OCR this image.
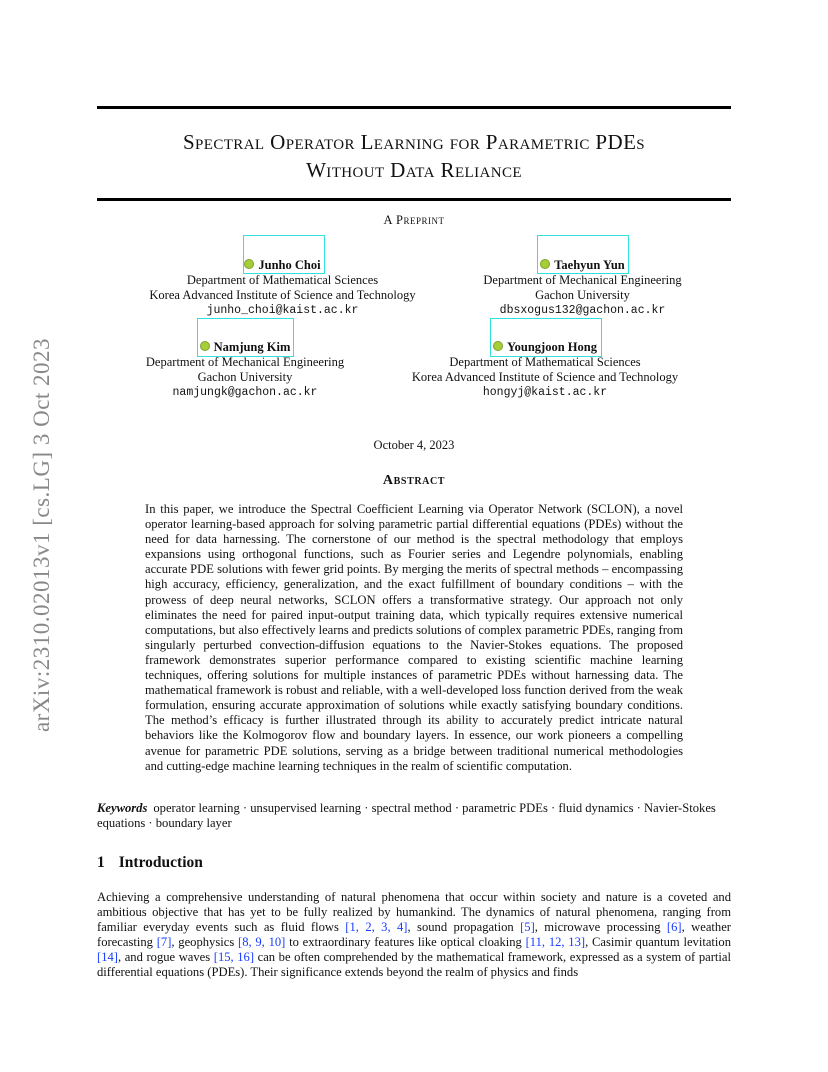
arXiv:2310.02013v1 [cs.LG] 3 Oct 2023
Spectral Operator Learning for Parametric PDEs
Without Data Reliance
A Preprint
Junho Choi
Department of Mathematical Sciences
Korea Advanced Institute of Science and Technology
junho_choi@kaist.ac.kr
Taehyun Yun
Department of Mechanical Engineering
Gachon University
dbsxogus132@gachon.ac.kr
Namjung Kim
Department of Mechanical Engineering
Gachon University
namjungk@gachon.ac.kr
Youngjoon Hong
Department of Mathematical Sciences
Korea Advanced Institute of Science and Technology
hongyj@kaist.ac.kr
October 4, 2023
Abstract
In this paper, we introduce the Spectral Coefficient Learning via Operator Network (SCLON), a novel operator learning-based approach for solving parametric partial differential equations (PDEs) without the need for data harnessing. The cornerstone of our method is the spectral methodology that employs expansions using orthogonal functions, such as Fourier series and Legendre polynomials, enabling accurate PDE solutions with fewer grid points. By merging the merits of spectral methods – encompassing high accuracy, efficiency, generalization, and the exact fulfillment of boundary conditions – with the prowess of deep neural networks, SCLON offers a transformative strategy. Our approach not only eliminates the need for paired input-output training data, which typically requires extensive numerical computations, but also effectively learns and predicts solutions of complex parametric PDEs, ranging from singularly perturbed convection-diffusion equations to the Navier-Stokes equations. The proposed framework demonstrates superior performance compared to existing scientific machine learning techniques, offering solutions for multiple instances of parametric PDEs without harnessing data. The mathematical framework is robust and reliable, with a well-developed loss function derived from the weak formulation, ensuring accurate approximation of solutions while exactly satisfying boundary conditions. The method’s efficacy is further illustrated through its ability to accurately predict intricate natural behaviors like the Kolmogorov flow and boundary layers. In essence, our work pioneers a compelling avenue for parametric PDE solutions, serving as a bridge between traditional numerical methodologies and cutting-edge machine learning techniques in the realm of scientific computation.
Keywords operator learning · unsupervised learning · spectral method · parametric PDEs · fluid dynamics · Navier-Stokes equations · boundary layer
1 Introduction
Achieving a comprehensive understanding of natural phenomena that occur within society and nature is a coveted and ambitious objective that has yet to be fully realized by humankind. The dynamics of natural phenomena, ranging from familiar everyday events such as fluid flows [1, 2, 3, 4], sound propagation [5], microwave processing [6], weather forecasting [7], geophysics [8, 9, 10] to extraordinary features like optical cloaking [11, 12, 13], Casimir quantum levitation [14], and rogue waves [15, 16] can be often comprehended by the mathematical framework, expressed as a system of partial differential equations (PDEs). Their significance extends beyond the realm of physics and finds
